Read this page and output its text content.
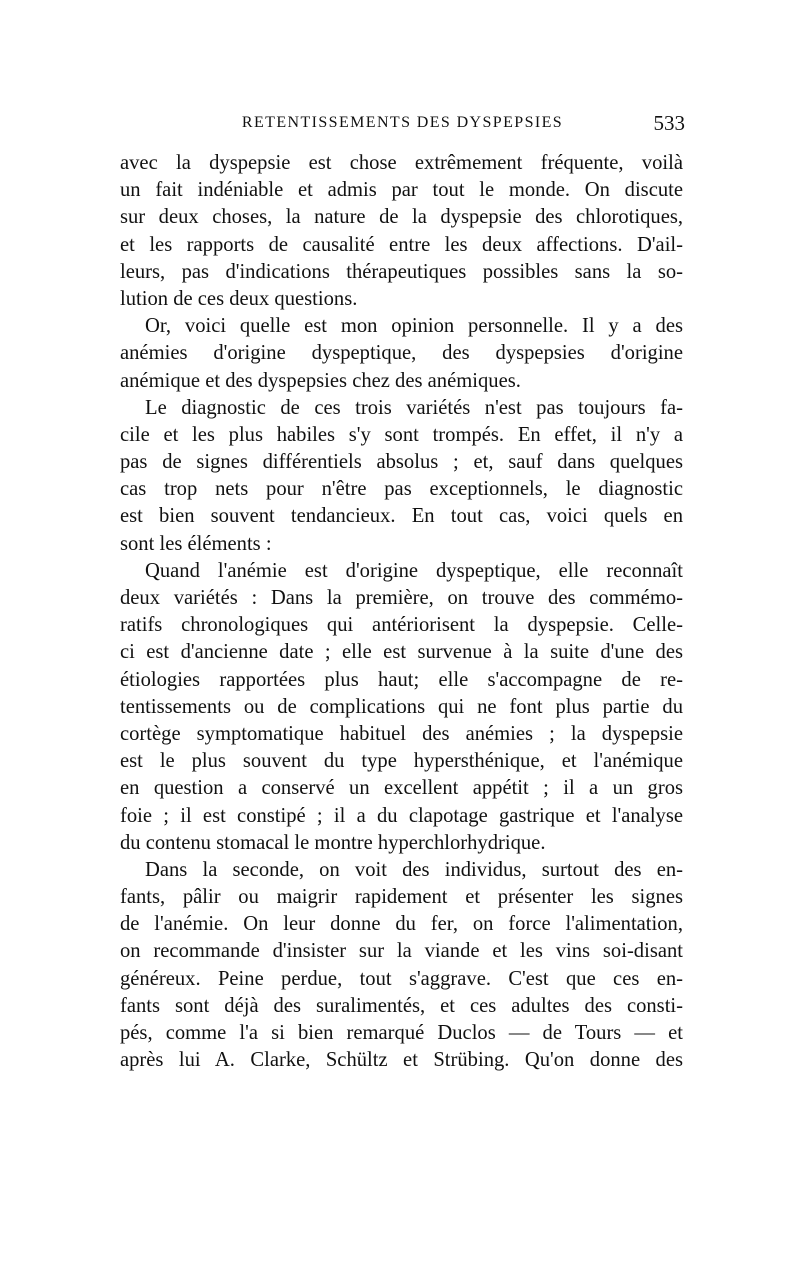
RETENTISSEMENTS DES DYSPEPSIES	533
avec la dyspepsie est chose extrêmement fréquente, voilà
un fait indéniable et admis par tout le monde. On discute
sur deux choses, la nature de la dyspepsie des chlorotiques,
et les rapports de causalité entre les deux affections. D'ail-
leurs, pas d'indications thérapeutiques possibles sans la so-
lution de ces deux questions.
Or, voici quelle est mon opinion personnelle. Il y a des
anémies d'origine dyspeptique, des dyspepsies d'origine
anémique et des dyspepsies chez des anémiques.
Le diagnostic de ces trois variétés n'est pas toujours fa-
cile et les plus habiles s'y sont trompés. En effet, il n'y a
pas de signes différentiels absolus ; et, sauf dans quelques
cas trop nets pour n'être pas exceptionnels, le diagnostic
est bien souvent tendancieux. En tout cas, voici quels en
sont les éléments :
Quand l'anémie est d'origine dyspeptique, elle reconnaît
deux variétés : Dans la première, on trouve des commémo-
ratifs chronologiques qui antériorisent la dyspepsie. Celle-
ci est d'ancienne date ; elle est survenue à la suite d'une des
étiologies rapportées plus haut; elle s'accompagne de re-
tentissements ou de complications qui ne font plus partie du
cortège symptomatique habituel des anémies ; la dyspepsie
est le plus souvent du type hypersthénique, et l'anémique
en question a conservé un excellent appétit ; il a un gros
foie ; il est constipé ; il a du clapotage gastrique et l'analyse
du contenu stomacal le montre hyperchlorhydrique.
Dans la seconde, on voit des individus, surtout des en-
fants, pâlir ou maigrir rapidement et présenter les signes
de l'anémie. On leur donne du fer, on force l'alimentation,
on recommande d'insister sur la viande et les vins soi-disant
généreux. Peine perdue, tout s'aggrave. C'est que ces en-
fants sont déjà des suralimentés, et ces adultes des consti-
pés, comme l'a si bien remarqué Duclos — de Tours — et
après lui A. Clarke, Schültz et Strübing. Qu'on donne des
